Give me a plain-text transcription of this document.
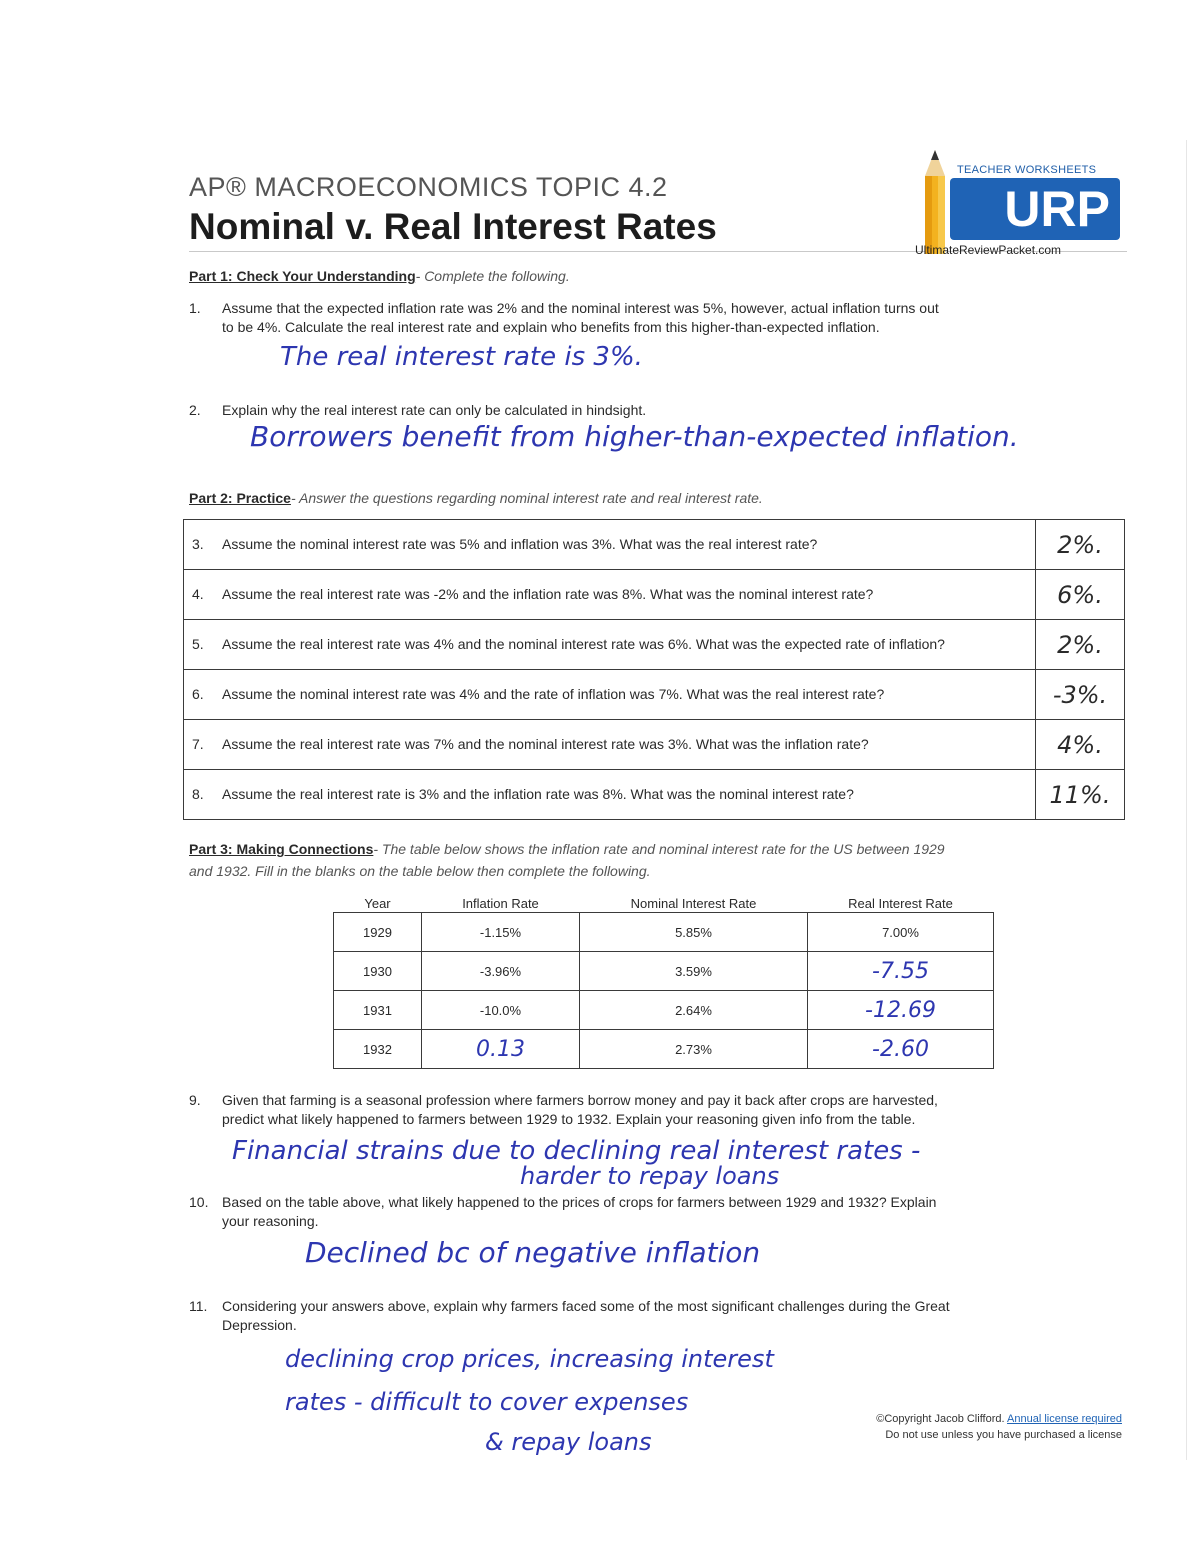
AP® MACROECONOMICS TOPIC 4.2
Nominal v. Real Interest Rates
TEACHER WORKSHEETS
URP
UltimateReviewPacket.com
Part 1: Check Your Understanding- Complete the following.
1. Assume that the expected inflation rate was 2% and the nominal interest was 5%, however, actual inflation turns out
to be 4%. Calculate the real interest rate and explain who benefits from this higher-than-expected inflation.
The real interest rate is 3%.
2. Explain why the real interest rate can only be calculated in hindsight.
Borrowers benefit from higher-than-expected inflation.
Part 2: Practice- Answer the questions regarding nominal interest rate and real interest rate.
3. Assume the nominal interest rate was 5% and inflation was 3%. What was the real interest rate?	2%.
4. Assume the real interest rate was -2% and the inflation rate was 8%. What was the nominal interest rate?	6%.
5. Assume the real interest rate was 4% and the nominal interest rate was 6%. What was the expected rate of inflation?	2%.
6. Assume the nominal interest rate was 4% and the rate of inflation was 7%. What was the real interest rate?	-3%.
7. Assume the real interest rate was 7% and the nominal interest rate was 3%. What was the inflation rate?	4%.
8. Assume the real interest rate is 3% and the inflation rate was 8%. What was the nominal interest rate?	11%.
Part 3: Making Connections- The table below shows the inflation rate and nominal interest rate for the US between 1929
and 1932. Fill in the blanks on the table below then complete the following.
Year	Inflation Rate	Nominal Interest Rate	Real Interest Rate
1929	-1.15%	5.85%	7.00%
1930	-3.96%	3.59%	-7.55
1931	-10.0%	2.64%	-12.69
1932	0.13	2.73%	-2.60
9. Given that farming is a seasonal profession where farmers borrow money and pay it back after crops are harvested,
predict what likely happened to farmers between 1929 to 1932. Explain your reasoning given info from the table.
Financial strains due to declining real interest rates -
harder to repay loans
10. Based on the table above, what likely happened to the prices of crops for farmers between 1929 and 1932? Explain
your reasoning.
Declined bc of negative inflation
11. Considering your answers above, explain why farmers faced some of the most significant challenges during the Great
Depression.
declining crop prices, increasing interest
rates - difficult to cover expenses
& repay loans
©Copyright Jacob Clifford. Annual license required
Do not use unless you have purchased a license
